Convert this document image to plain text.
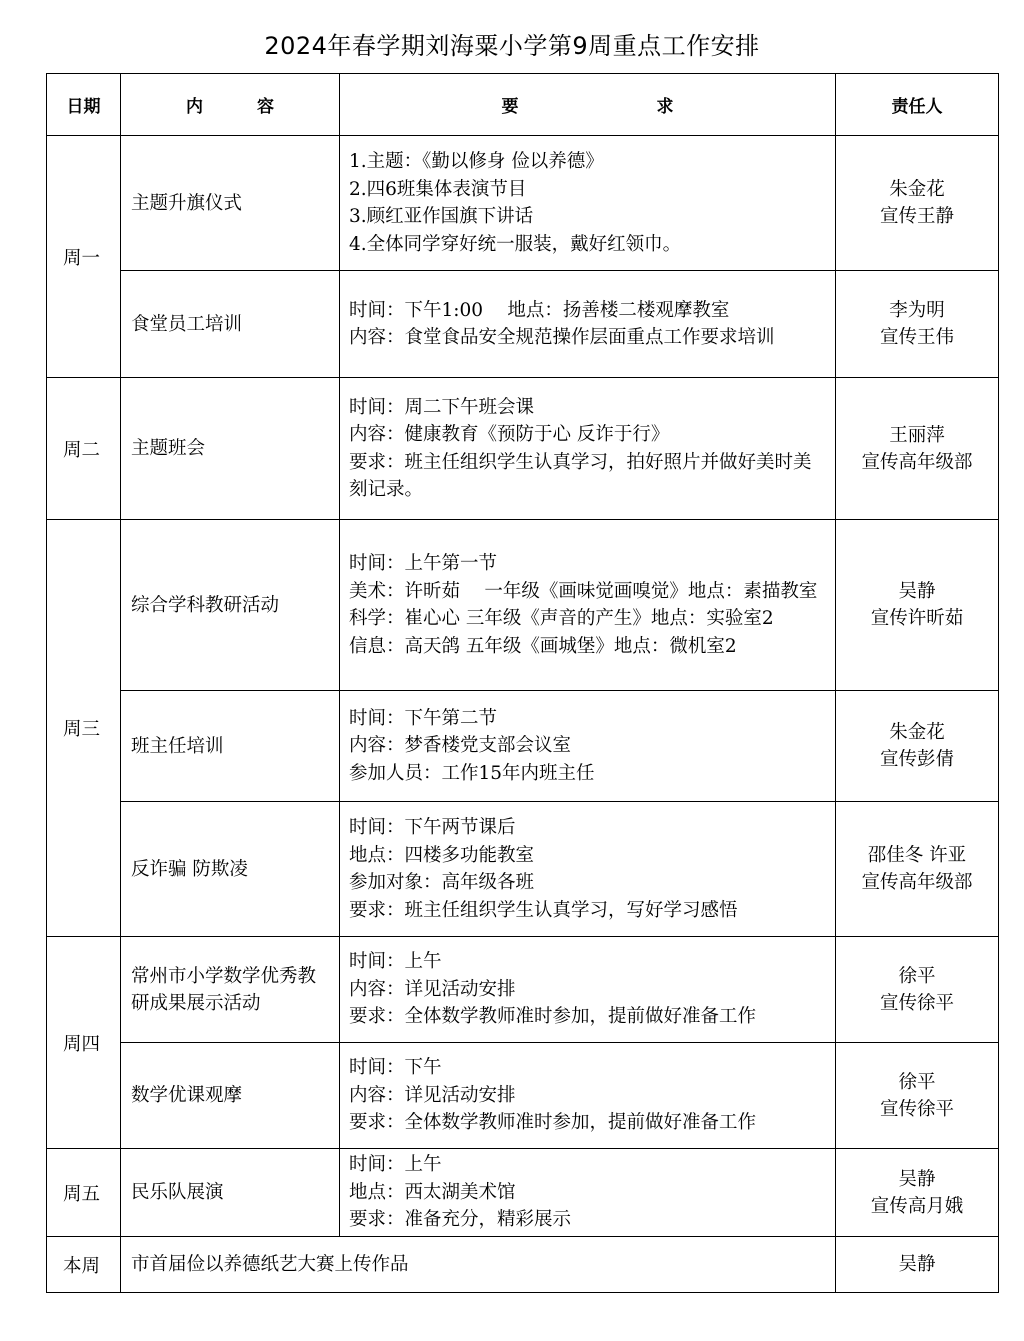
2024年春学期刘海粟小学第9周重点工作安排
日期	内 容	要 求	责任人
周一	主题升旗仪式	1.主题：《勤以修身 俭以养德》
2.四6班集体表演节目
3.顾红亚作国旗下讲话
4.全体同学穿好统一服装，戴好红领巾。	朱金花
宣传王静

	食堂员工培训	时间：下午1:00　 地点：扬善楼二楼观摩教室
内容：食堂食品安全规范操作层面重点工作要求培训	李为明
宣传王伟

周二	主题班会	时间：周二下午班会课
内容：健康教育《预防于心 反诈于行》
要求：班主任组织学生认真学习，拍好照片并做好美时美刻记录。	王丽萍
宣传高年级部

周三	综合学科教研活动	时间：上午第一节
美术：许昕茹　 一年级《画味觉画嗅觉》地点：素描教室
科学：崔心心 三年级《声音的产生》地点：实验室2
信息：高天鸽 五年级《画城堡》地点：微机室2	吴静
宣传许昕茹

	班主任培训	时间：下午第二节
内容：梦香楼党支部会议室
参加人员：工作15年内班主任	朱金花
宣传彭倩

	反诈骗 防欺凌	时间：下午两节课后
地点：四楼多功能教室
参加对象：高年级各班
要求：班主任组织学生认真学习，写好学习感悟	邵佳冬 许亚
宣传高年级部

周四	常州市小学数学优秀教研成果展示活动	时间：上午
内容：详见活动安排
要求：全体数学教师准时参加，提前做好准备工作	徐平
宣传徐平

	数学优课观摩	时间：下午
内容：详见活动安排
要求：全体数学教师准时参加，提前做好准备工作	徐平
宣传徐平

周五	民乐队展演	时间：上午
地点：西太湖美术馆
要求：准备充分，精彩展示	吴静
宣传高月娥

本周	市首届俭以养德纸艺大赛上传作品		吴静
